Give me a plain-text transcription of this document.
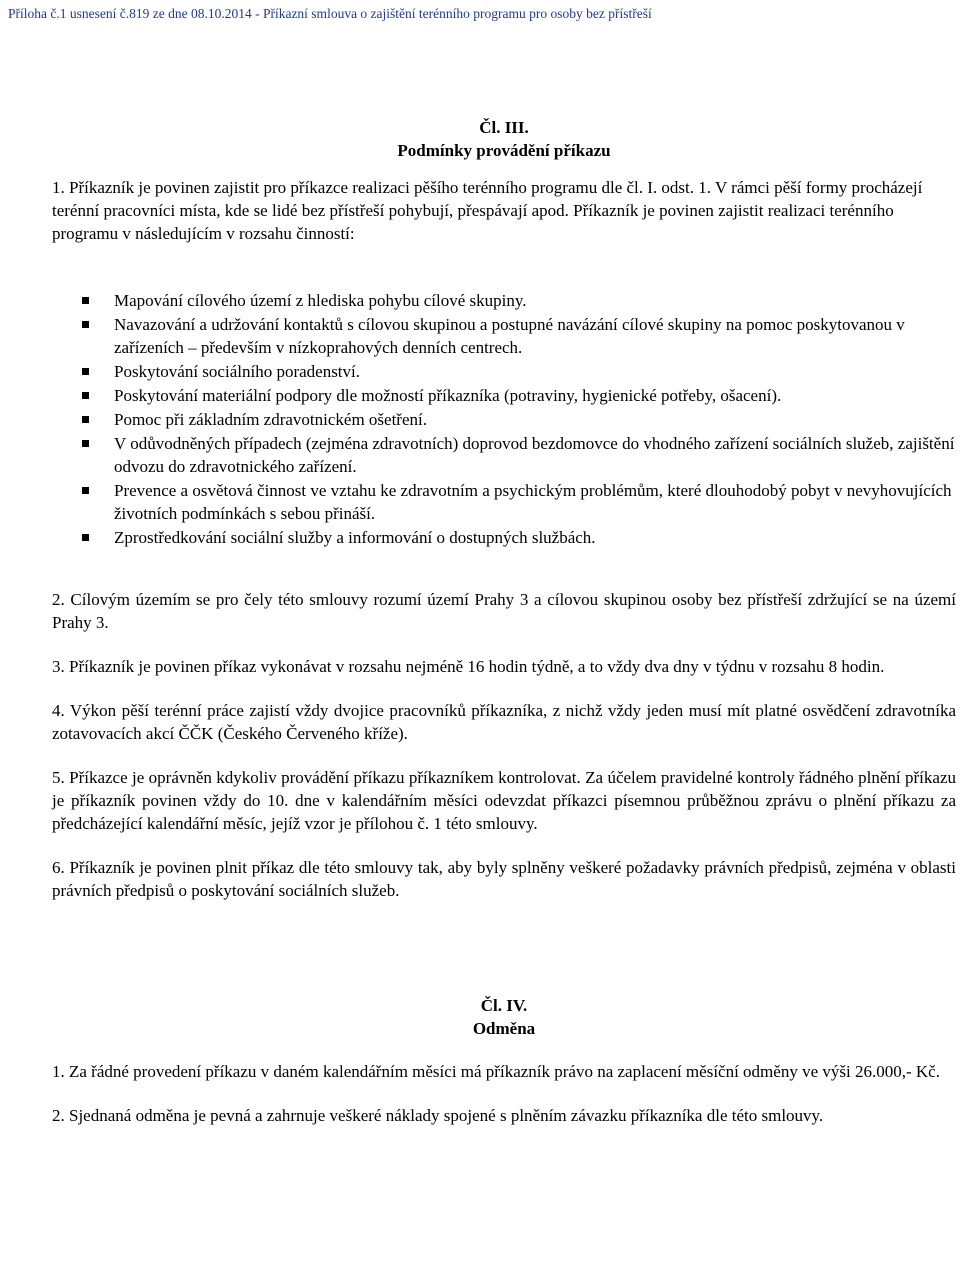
Příloha č.1 usnesení č.819 ze dne 08.10.2014 - Příkazní smlouva o zajištění terénního programu pro osoby bez přístřeší
Čl. III.
Podmínky provádění příkazu

1. Příkazník je povinen zajistit pro příkazce realizaci pěšího terénního programu dle čl. I. odst. 1. V rámci pěší formy procházejí terénní pracovníci místa, kde se lidé bez přístřeší pohybují, přespávají apod. Příkazník je povinen zajistit realizaci terénního programu v následujícím v rozsahu činností:

Mapování cílového území z hlediska pohybu cílové skupiny.
Navazování a udržování kontaktů s cílovou skupinou a postupné navázání cílové skupiny na pomoc poskytovanou v zařízeních – především v nízkoprahových denních centrech.
Poskytování sociálního poradenství.
Poskytování materiální podpory dle možností příkazníka (potraviny, hygienické potřeby, ošacení).
Pomoc při základním zdravotnickém ošetření.
V odůvodněných případech (zejména zdravotních) doprovod bezdomovce do vhodného zařízení sociálních služeb, zajištění odvozu do zdravotnického zařízení.
Prevence a osvětová činnost ve vztahu ke zdravotním a psychickým problémům, které dlouhodobý pobyt v nevyhovujících životních podmínkách s sebou přináší.
Zprostředkování sociální služby a informování o dostupných službách.

2. Cílovým územím se pro čely této smlouvy rozumí území Prahy 3 a cílovou skupinou osoby bez přístřeší zdržující se na území Prahy 3.

3. Příkazník je povinen příkaz vykonávat v rozsahu nejméně 16 hodin týdně, a to vždy dva dny v týdnu v rozsahu 8 hodin.

4. Výkon pěší terénní práce zajistí vždy dvojice pracovníků příkazníka, z nichž vždy jeden musí mít platné osvědčení zdravotníka zotavovacích akcí ČČK (Českého Červeného kříže).

5. Příkazce je oprávněn kdykoliv provádění příkazu příkazníkem kontrolovat. Za účelem pravidelné kontroly řádného plnění příkazu je příkazník povinen vždy do 10. dne v kalendářním měsíci odevzdat příkazci písemnou průběžnou zprávu o plnění příkazu za předcházející kalendářní měsíc, jejíž vzor je přílohou č. 1 této smlouvy.

6. Příkazník je povinen plnit příkaz dle této smlouvy tak, aby byly splněny veškeré požadavky právních předpisů, zejména v oblasti právních předpisů o poskytování sociálních služeb.

Čl. IV.
Odměna

1. Za řádné provedení příkazu v daném kalendářním měsíci má příkazník právo na zaplacení měsíční odměny ve výši 26.000,- Kč.

2. Sjednaná odměna je pevná a zahrnuje veškeré náklady spojené s plněním závazku příkazníka dle této smlouvy.
